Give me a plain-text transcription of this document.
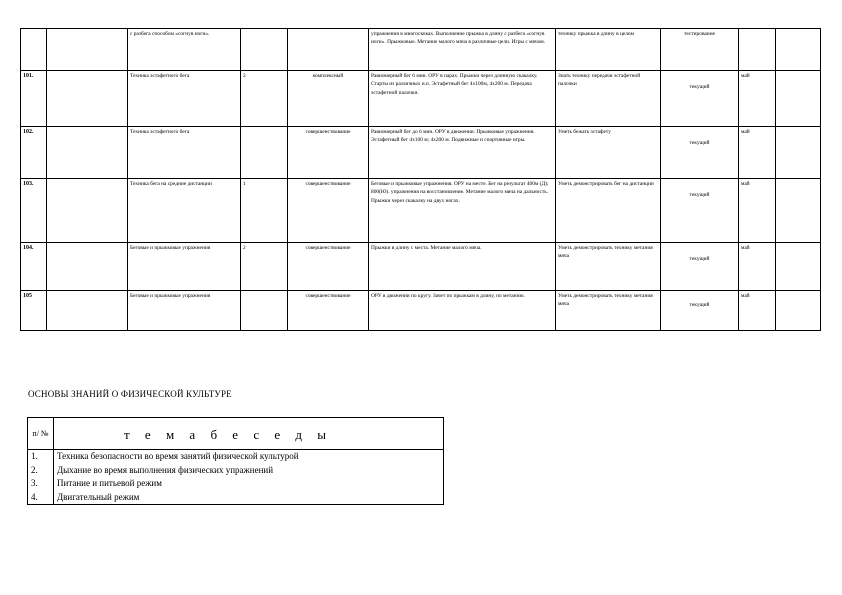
		с разбега способом «согнув ноги».			упражнения в многоскоках. Выполнение прыжка в длину с разбега «согнув ноги». Прыжковые. Метание малого мяча в различные цели. Игры с мячом.	технику прыжка в длину в целом	тестирование		
101.		Техника эстафетного бега	2	комплексный	Равномерный бег 6 мин. ОРУ в парах. Прыжки через длинную скакалку. Старты из различных и.п. Эстафетный бег 4х100м, 4х200 м. Передача эстафетной палочки.	Знать технику передачи эстафетной палочки	текущий	май	
102.		Техника эстафетного бега		совершенствование	Равномерный бег до 6 мин. ОРУ в движении. Прыжковые упражнения. Эстафетный бег 4х100 м; 4х200 м. Подвижные и спортивные игры.	Уметь бежать эстафету	текущий	май	
103.		Техника бега на средние дистанции	1	совершенствование	Беговые и прыжковые упражнения. ОРУ на месте. Бег на результат 400м (Д); 800(Ю). упражнения на восстановление. Метание малого мяча на дальность. Прыжки через скакалку на двух ногах.	Уметь демонстрировать бег на дистанции	текущий	май	
104.		Беговые и прыжковые упражнения	2	совершенствование	Прыжки в длину с места. Метание малого мяча.	Уметь демонстрировать технику метания мяча	текущий	май	
105		Беговые и прыжковые упражнения		совершенствование	ОРУ в движении по кругу. Зачет по прыжкам в длину, по метанию.	Уметь демонстрировать технику метания мяча	текущий	май	
ОСНОВЫ ЗНАНИЙ О ФИЗИЧЕСКОЙ КУЛЬТУРЕ
п/ №	т е м а б е с е д ы
1.	Техника безопасности во время занятий физической культурой
2.	Дыхание во время выполнения физических упражнений
3.	Питание и питьевой режим
4.	Двигательный режим
